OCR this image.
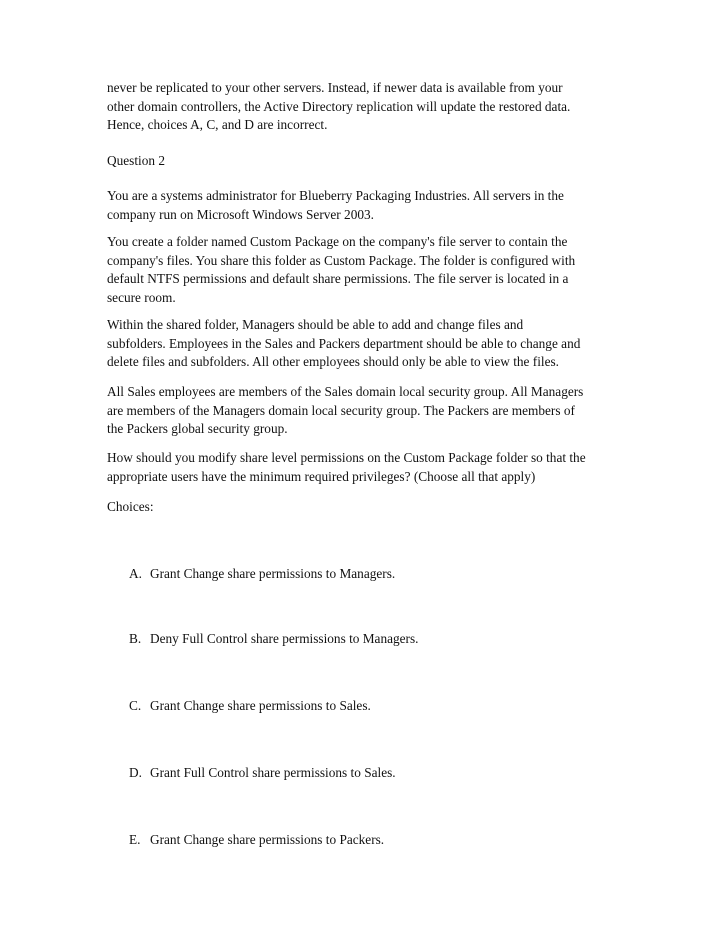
never be replicated to your other servers. Instead, if newer data is available from your
other domain controllers, the Active Directory replication will update the restored data.
Hence, choices A, C, and D are incorrect.
Question 2
You are a systems administrator for Blueberry Packaging Industries. All servers in the
company run on Microsoft Windows Server 2003.
You create a folder named Custom Package on the company's file server to contain the
company's files. You share this folder as Custom Package. The folder is configured with
default NTFS permissions and default share permissions. The file server is located in a
secure room.
Within the shared folder, Managers should be able to add and change files and
subfolders. Employees in the Sales and Packers department should be able to change and
delete files and subfolders. All other employees should only be able to view the files.
All Sales employees are members of the Sales domain local security group. All Managers
are members of the Managers domain local security group. The Packers are members of
the Packers global security group.
How should you modify share level permissions on the Custom Package folder so that the
appropriate users have the minimum required privileges? (Choose all that apply)
Choices:
A. Grant Change share permissions to Managers.
B. Deny Full Control share permissions to Managers.
C. Grant Change share permissions to Sales.
D. Grant Full Control share permissions to Sales.
E. Grant Change share permissions to Packers.
